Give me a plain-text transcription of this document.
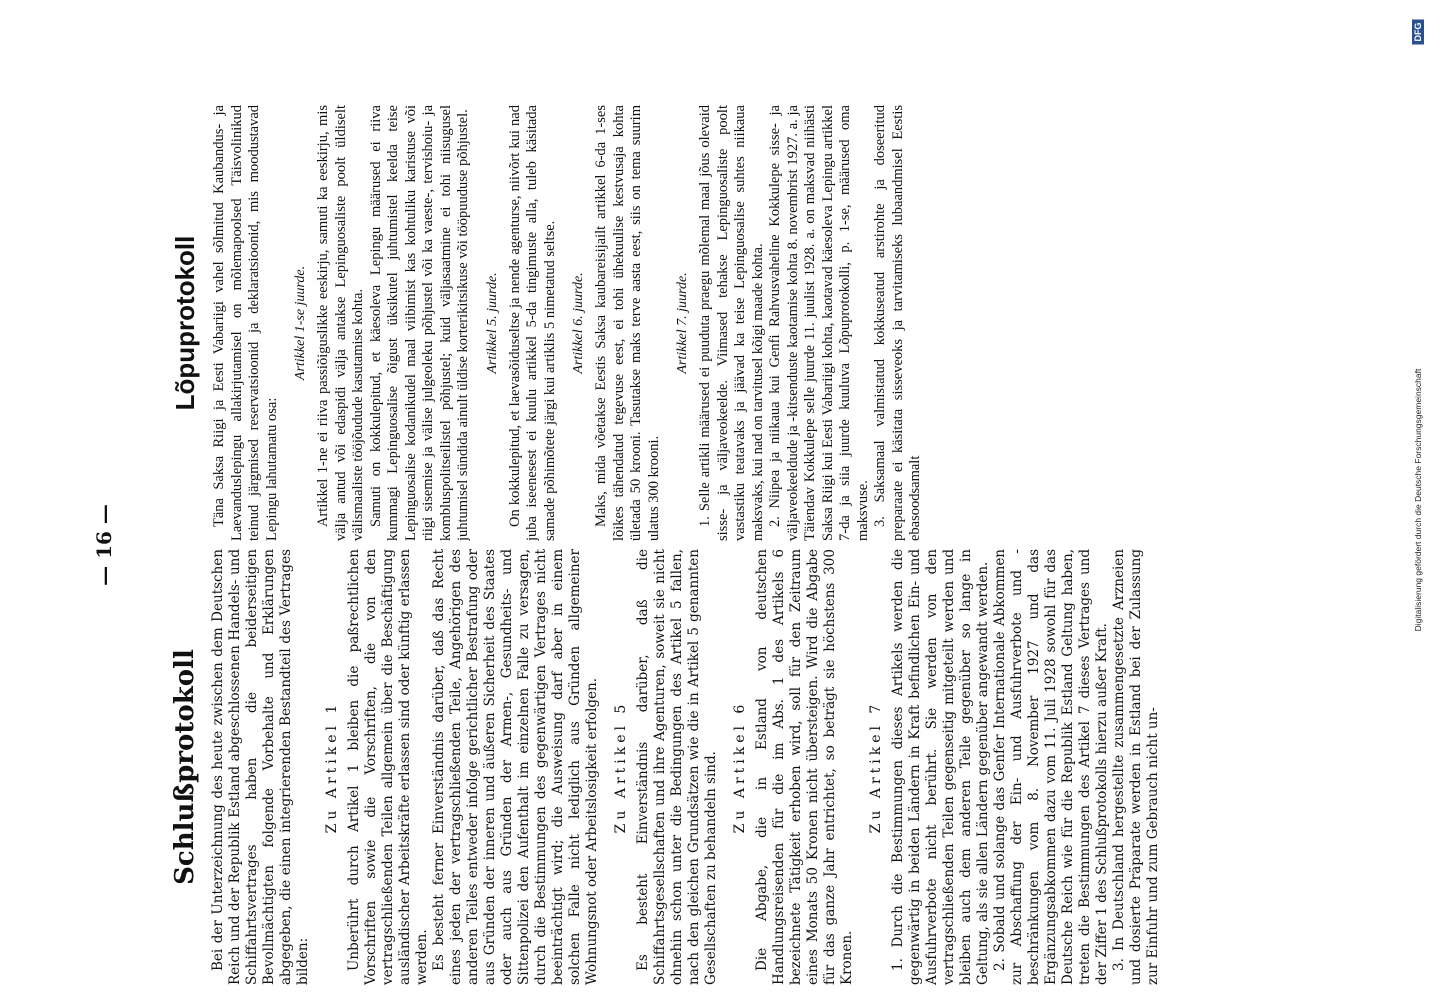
DFG
Digitalisierung gefördert durch die Deutsche Forschungsgemeinschaft
— 16 —
Schlußprotokoll Bei der Unterzeichnung des heute zwischen dem Deutschen Reich und der Republik Estland abgeschlossenen Handels- und Schiffahrtsvertrages haben die beiderseitigen Bevollmächtigten folgende Vorbehalte und Erklärungen abgegeben, die einen integrierenden Bestandteil des Vertrages bilden:

Zu Artikel 1 Unberührt durch Artikel 1 bleiben die paßrechtlichen Vorschriften sowie die Vorschriften, die von den vertragschließenden Teilen allgemein über die Beschäftigung ausländischer Arbeitskräfte erlassen sind oder künftig erlassen werden. Es besteht ferner Einverständnis darüber, daß das Recht eines jeden der vertragschließenden Teile, Angehörigen des anderen Teiles entweder infolge gerichtlicher Bestrafung oder aus Gründen der inneren und äußeren Sicherheit des Staates oder auch aus Gründen der Armen-, Gesundheits- und Sittenpolizei den Aufenthalt im einzelnen Falle zu versagen, durch die Bestimmungen des gegenwärtigen Vertrages nicht beeinträchtigt wird; die Ausweisung darf aber in einem solchen Falle nicht lediglich aus Gründen allgemeiner Wohnungsnot oder Arbeitslosigkeit erfolgen. Zu Artikel 5 Es besteht Einverständnis darüber, daß die Schiffahrtsgesellschaften und ihre Agenturen, soweit sie nicht ohnehin schon unter die Bedingungen des Artikel 5 fallen, nach den gleichen Grundsätzen wie die in Artikel 5 genannten Gesellschaften zu behandeln sind. Zu Artikel 6 Die Abgabe, die in Estland von deutschen Handlungsreisenden für die im Abs. 1 des Artikels 6 bezeichnete Tätigkeit erhoben wird, soll für den Zeitraum eines Monats 50 Kronen nicht übersteigen. Wird die Abgabe für das ganze Jahr entrichtet, so beträgt sie höchstens 300 Kronen.

Zu Artikel 7 1. Durch die Bestimmungen dieses Artikels werden die gegenwärtig in beiden Ländern in Kraft befindlichen Ein- und Ausfuhrverbote nicht berührt. Sie werden von den vertragschließenden Teilen gegenseitig mitgeteilt werden und bleiben auch dem anderen Teile gegenüber so lange in Geltung, als sie allen Ländern gegenüber angewandt werden. 2. Sobald und solange das Genfer Internationale Abkommen zur Abschaffung der Ein- und Ausfuhrverbote und -beschränkungen vom 8. November 1927 und das Ergänzungsabkommen dazu vom 11. Juli 1928 sowohl für das Deutsche Reich wie für die Republik Estland Geltung haben, treten die Bestimmungen des Artikel 7 dieses Vertrages und der Ziffer 1 des Schlußprotokolls hierzu außer Kraft. 3. In Deutschland hergestellte zusammengesetzte Arzneien und dosierte Präparate werden in Estland bei der Zulassung zur Einfuhr und zum Gebrauch nicht un-

Lõpuprotokoll Täna Saksa Riigi ja Eesti Vabariigi vahel sõlmitud Kaubandus- ja Laevanduslepingu allakirjutamisel on mõlemapoolsed Täisvolinikud teinud järgmised reservatsioonid ja deklaratsioonid, mis moodustavad Lepingu lahutamatu osa:

Artikkel 1-se juurde. Artikkel 1-ne ei riiva passiõiguslikke eeskirju, samuti ka eeskirju, mis välja antud või edaspidi välja antakse Lepinguosaliste poolt üldiselt välismaaliste tööjõudude kasutamise kohta. Samuti on kokkulepitud, et käesoleva Lepingu määrused ei riiva kummagi Lepinguosalise õigust üksikutel juhtumistel keelda teise Lepinguosalise kodanikudel maal viibimist kas kohtuliku karistuse või riigi sisemise ja välise julgeoleku põhjustel või ka vaeste-, tervishoiu- ja kombluspolitseilistel põhjustel; kuid väljasaatmine ei tohi niisugusel juhtumisel sündida ainult üldise korterikitsikuse või tööpuuduse põhjustel. Artikkel 5. juurde. On kokkulepitud, et laevasõiduseltse ja nende agenturse, niivõrt kui nad juba iseenesest ei kuulu artikkel 5-da tingimuste alla, tuleb käsitada samade põhimõtete järgi kui artiklis 5 nimetatud seltse. Artikkel 6. juurde. Maks, mida võetakse Eestis Saksa kaubareisijailt artikkel 6-da 1-ses lõikes tähendatud tegevuse eest, ei tohi ühekuulise kestvusaja kohta ületada 50 krooni. Tasutakse maks terve aasta eest, siis on tema suurim ulatus 300 krooni.

Artikkel 7. juurde. 1. Selle artikli määrused ei puuduta praegu mõlemal maal jõus olevaid sisse- ja väljaveokeelde. Viimased tehakse Lepinguosaliste poolt vastastiku teatavaks ja jäävad ka teise Lepinguosalise suhtes niikaua maksvaks, kui nad on tarvitusel kõigi maade kohta. 2. Niipea ja niikaua kui Genfi Rahvusvaheline Kokkulepe sisse- ja väljaveokeeldude ja -kitsenduste kaotamise kohta 8. novembrist 1927. a. ja Täiendav Kokkulepe selle juurde 11. juulist 1928. a. on maksvad niihästi Saksa Riigi kui Eesti Vabariigi kohta, kaotavad käesoleva Lepingu artikkel 7-da ja siia juurde kuuluva Lõpuprotokolli, p. 1-se, määrused oma maksvuse. 3. Saksamaal valmistatud kokkuseatud arstirohte ja doseeritud preparaate ei käsitata sisseveoks ja tarvitamiseks lubaandmisel Eestis ebasoodsamalt
